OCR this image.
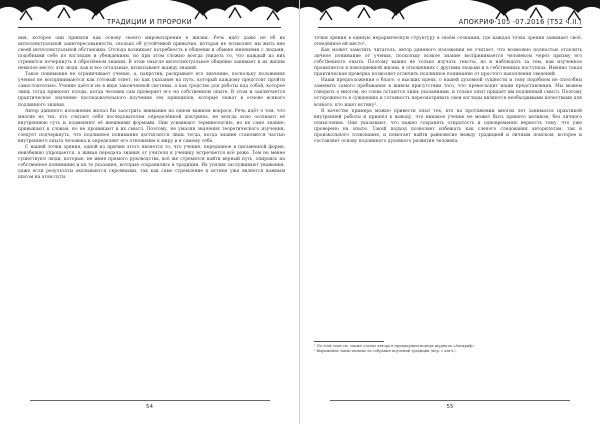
ТРАДИЦИИ И ПРОРОКИ

ния, которое они приняли как основу своего мировоззрения в жизни. Речь идёт даже не об их интеллектуальной заинтересованности, сколько об устойчивой привычке, которая не позволяет им жить вне своей интеллектуальной обстановки. Отсюда возникает потребность в общении и обмене мнениями с людьми, подобными себе по взглядам и убеждениям, но при этом сложно всегда увидеть то, что каждый из них стремится почерпнуть в обретённом знании. В этом смысле интеллектуальное общение занимает в их жизни немалое место; эти люди, как и все остальные, испытывают жажду знаний.

Такое понимание не ограничивает учение, а, напротив, раскрывает его значение, поскольку положения учения не воспринимаются как готовый ответ, но как указание на путь, который каждому предстоит пройти самостоятельно. Учение даётся не в виде законченной системы, а как средство для работы над собой, которое лишь тогда приносит плоды, когда человек сам проверяет его на собственном опыте. В этом и заключается практическое значение последовательного изучения тех принципов, которые лежат в основе всякого подлинного знания.

Автор даннного изложения желал бы заострить внимание на одном важном вопросе. Речь идёт о том, что многие из тех, кто считает себя последователем определённой доктрины, не всегда ясно осознают её внутреннюю суть и подменяют её внешними формами. Они усваивают терминологию, но не само знание; привыкают к словам, но не проникают в их смысл. Поэтому, не умаляя значения теоретического изучения, следует подчеркнуть, что подлинное понимание достигается лишь тогда, когда знание становится частью внутреннего опыта человека и определяет его отношение к миру и к самому себе.

С нашей точки зрения, одной из причин этого является то, что учение, переданное в письменной форме, неизбежно упрощается, а живая передача знания от учителя к ученику встречается всё реже. Тем не менее существуют люди, которые, не имея прямого руководства, всё же стремятся найти верный путь, опираясь на собственное понимание и на те указания, которые сохранились в традиции. Их усилия заслуживают уважения, даже если результаты оказываются скромными, так как само стремление к истине уже является важным шагом на этом пути.

54
АПОКРИФ·105 ·07.2016 (Т52 ч.II.)

точки зрения в единую иерархическую структуру в своём сознании, где каждая точка зрения занимает своё, отведённое ей место¹.

Как может заметить читатель, автор даннного изложения не считает, что возможно полностью отделить личное понимание от учения, поскольку всякое знание воспринимается человеком через призму его собственного опыта. Поэтому важно не только изучать тексты, но и наблюдать за тем, как изученное проявляется в повседневной жизни, в отношениях с другими людьми и в собственных поступках. Именно такая практическая проверка позволяет отличить подлинное понимание от простого накопления сведений.

Наши предположения о благе, о высших идеях, о нашей духовной сущности и тому подобном не способны заменить самого пребывания в живом присутствии того, что превосходит наши представления. Мы можем говорить о многом, но слова остаются лишь указаниями, и только опыт придаёт им подлинный смысл. Поэтому осторожность в суждениях и готовность пересматривать свои взгляды являются необходимыми качествами для всякого, кто ищет истину².

В качестве примера можно привести опыт тех, кто на протяжении многих лет занимался практикой внутренней работы и пришёл к выводу, что никакое учение не может быть принято целиком, без личного осмысления. Они указывают, что важно сохранять открытость и одновременно верность тому, что уже проверено на опыте. Такой подход позволяет избежать как слепого следования авторитетам, так и произвольного толкования, и помогает найти равновесие между традицией и личным поиском, которое и составляет основу подлинного духовного развития человека.

¹ По этой теме см. также статью автора в предыдущем номере журнала «Апокриф».
² Выражение заимствовано из собрания поучений традиции (пер. с англ.).
55
